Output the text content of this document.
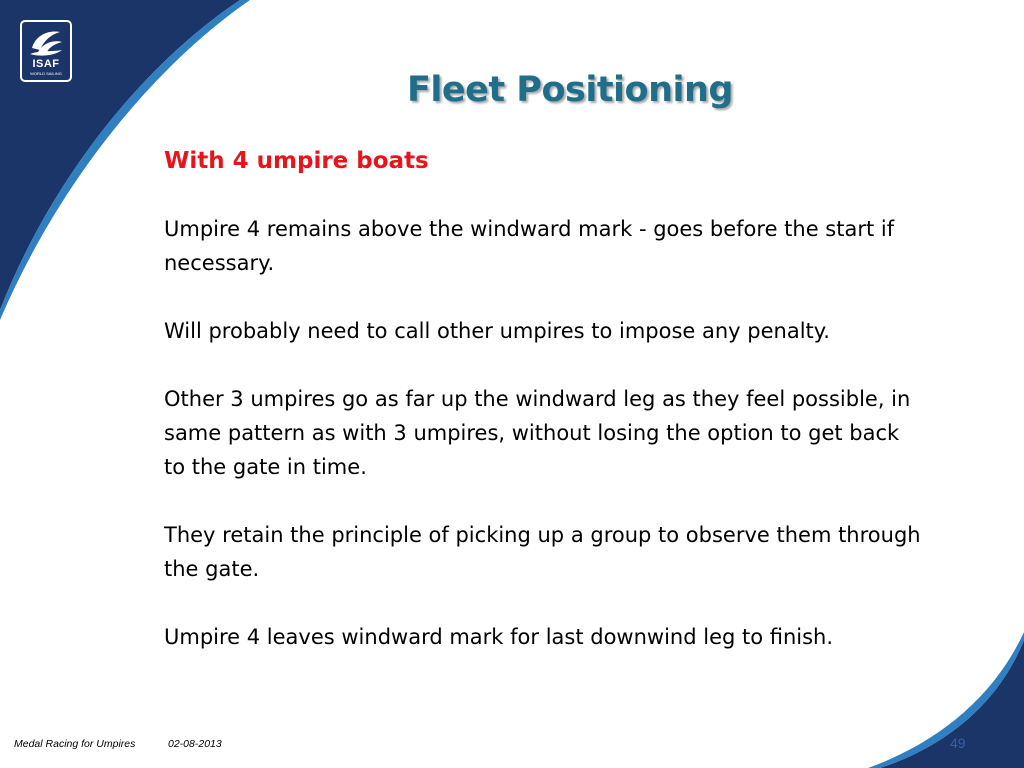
ISAF
WORLD SAILING	Fleet Positioning
With 4 umpire boats
Umpire 4 remains above the windward mark - goes before the start if necessary.
Will probably need to call other umpires to impose any penalty.
Other 3 umpires go as far up the windward leg as they feel possible, in same pattern as with 3 umpires, without losing the option to get back to the gate in time.
They retain the principle of picking up a group to observe them through the gate.
Umpire 4 leaves windward mark for last downwind leg to finish.
Medal Racing for Umpires	02-08-2013	49
